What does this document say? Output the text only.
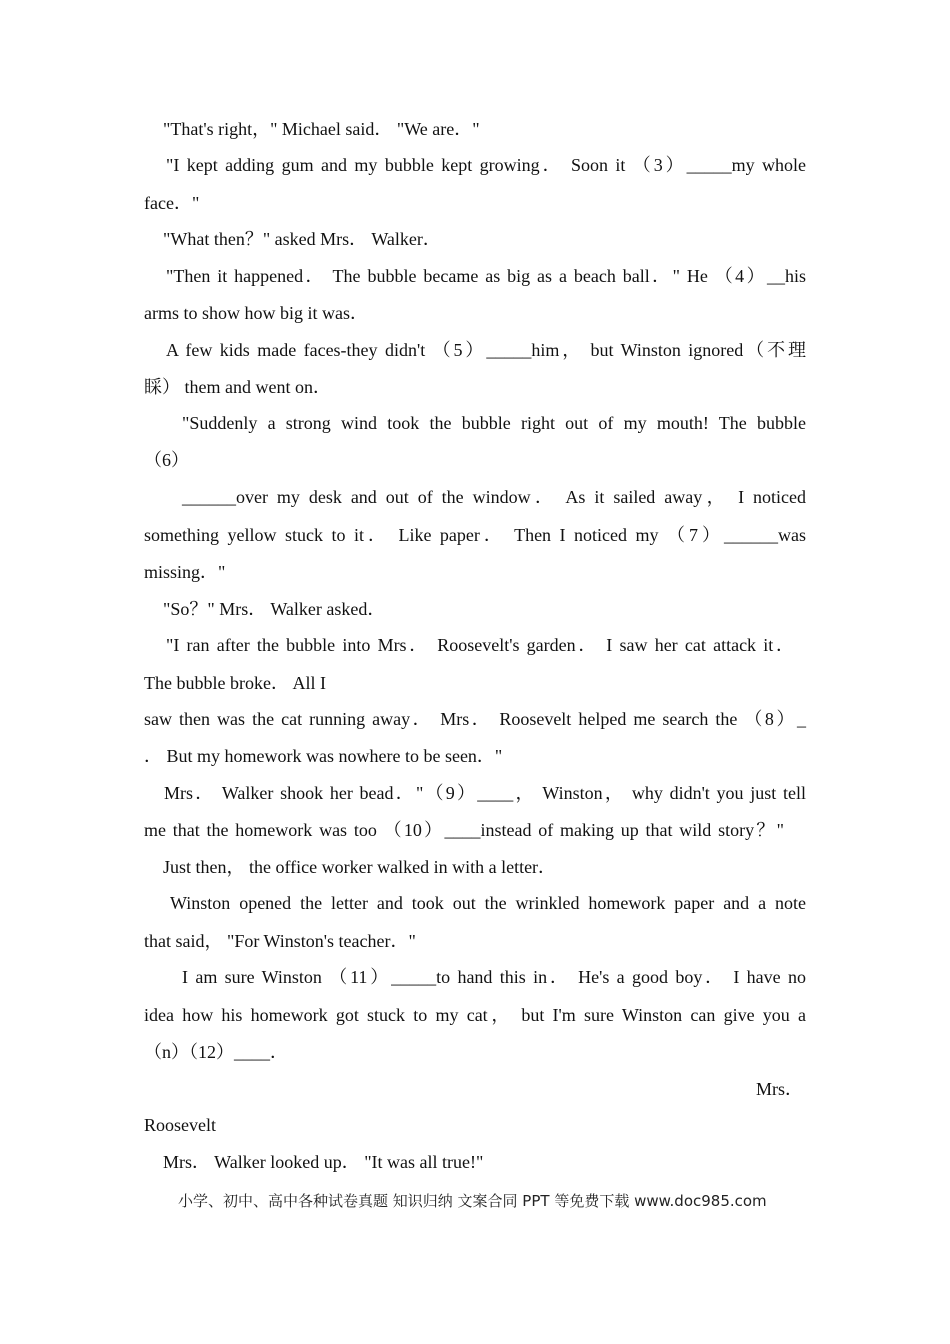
"That's right，" Michael said． "We are．"
"I kept adding gum and my bubble kept growing． Soon it （3）_____my whole
face．"
"What then？" asked Mrs． Walker．
"Then it happened． The bubble became as big as a beach ball．" He （4）__his
arms to show how big it was．
A few kids made faces-they didn't （5）_____him， but Winston ignored（不理
睬） them and went on．
"Suddenly a strong wind took the bubble right out of my mouth! The bubble
（6）
______over my desk and out of the window． As it sailed away， I noticed
something yellow stuck to it． Like paper． Then I noticed my （7）______was
missing．"
"So？" Mrs． Walker asked．
"I ran after the bubble into Mrs． Roosevelt's garden． I saw her cat attack it．
The bubble broke． All I
saw then was the cat running away． Mrs． Roosevelt helped me search the （8）_
． But my homework was nowhere to be seen．"
Mrs． Walker shook her bead．"（9）____， Winston， why didn't you just tell
me that the homework was too （10）____instead of making up that wild story？"
Just then， the office worker walked in with a letter．
Winston opened the letter and took out the wrinkled homework paper and a note
that said， "For Winston's teacher．"
I am sure Winston （11）_____to hand this in． He's a good boy． I have no
idea how his homework got stuck to my cat， but I'm sure Winston can give you a
（n）（12）____．
Mrs．
Roosevelt
Mrs． Walker looked up． "It was all true!"
小学、初中、高中各种试卷真题 知识归纳 文案合同 PPT 等免费下载 www.doc985.com
